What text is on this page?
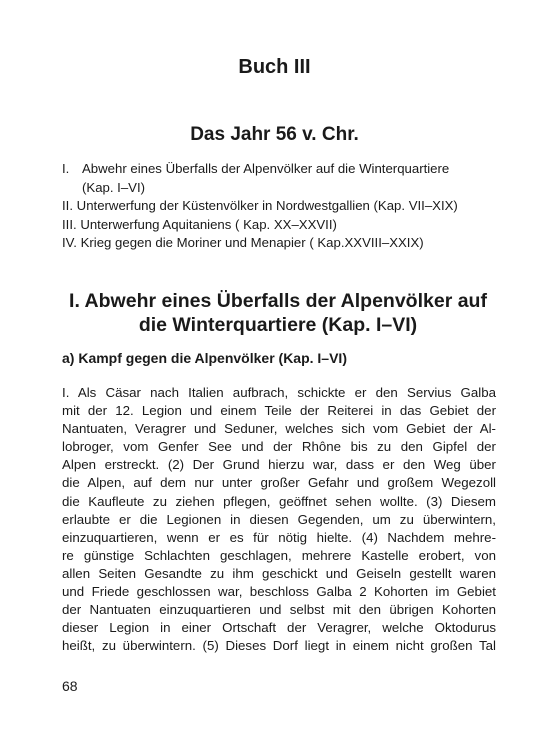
Buch III
Das Jahr 56 v. Chr.
I. Abwehr eines Überfalls der Alpenvölker auf die Winterquartiere
(Kap. I–VI)
II.
Unterwerfung der Küstenvölker in Nordwestgallien (Kap. VII–XIX)
III.
Unterwerfung Aquitaniens ( Kap. XX–XXVII)
IV.
Krieg gegen die Moriner und Menapier ( Kap.XXVIII–XXIX)
I. Abwehr eines Überfalls der Alpenvölker auf
die Winterquartiere (Kap. I–VI)
a) Kampf gegen die Alpenvölker (Kap. I–VI)
I. Als Cäsar nach Italien aufbrach, schickte er den Servius Galba
mit der 12. Legion und einem Teile der Reiterei in das Gebiet der
Nantuaten, Veragrer und Seduner, welches sich vom Gebiet der Al-
lobroger, vom Genfer See und der Rhône bis zu den Gipfel der
Alpen erstreckt. (2) Der Grund hierzu war, dass er den Weg über
die Alpen, auf dem nur unter großer Gefahr und großem Wegezoll
die Kaufleute zu ziehen pflegen, geöffnet sehen wollte. (3) Diesem
erlaubte er die Legionen in diesen Gegenden, um zu überwintern,
einzuquartieren, wenn er es für nötig hielte. (4) Nachdem mehre-
re günstige Schlachten geschlagen, mehrere Kastelle erobert, von
allen Seiten Gesandte zu ihm geschickt und Geiseln gestellt waren
und Friede geschlossen war, beschloss Galba 2 Kohorten im Gebiet
der Nantuaten einzuquartieren und selbst mit den übrigen Kohorten
dieser Legion in einer Ortschaft der Veragrer, welche Oktodurus
heißt, zu überwintern. (5) Dieses Dorf liegt in einem nicht großen Tal
68
